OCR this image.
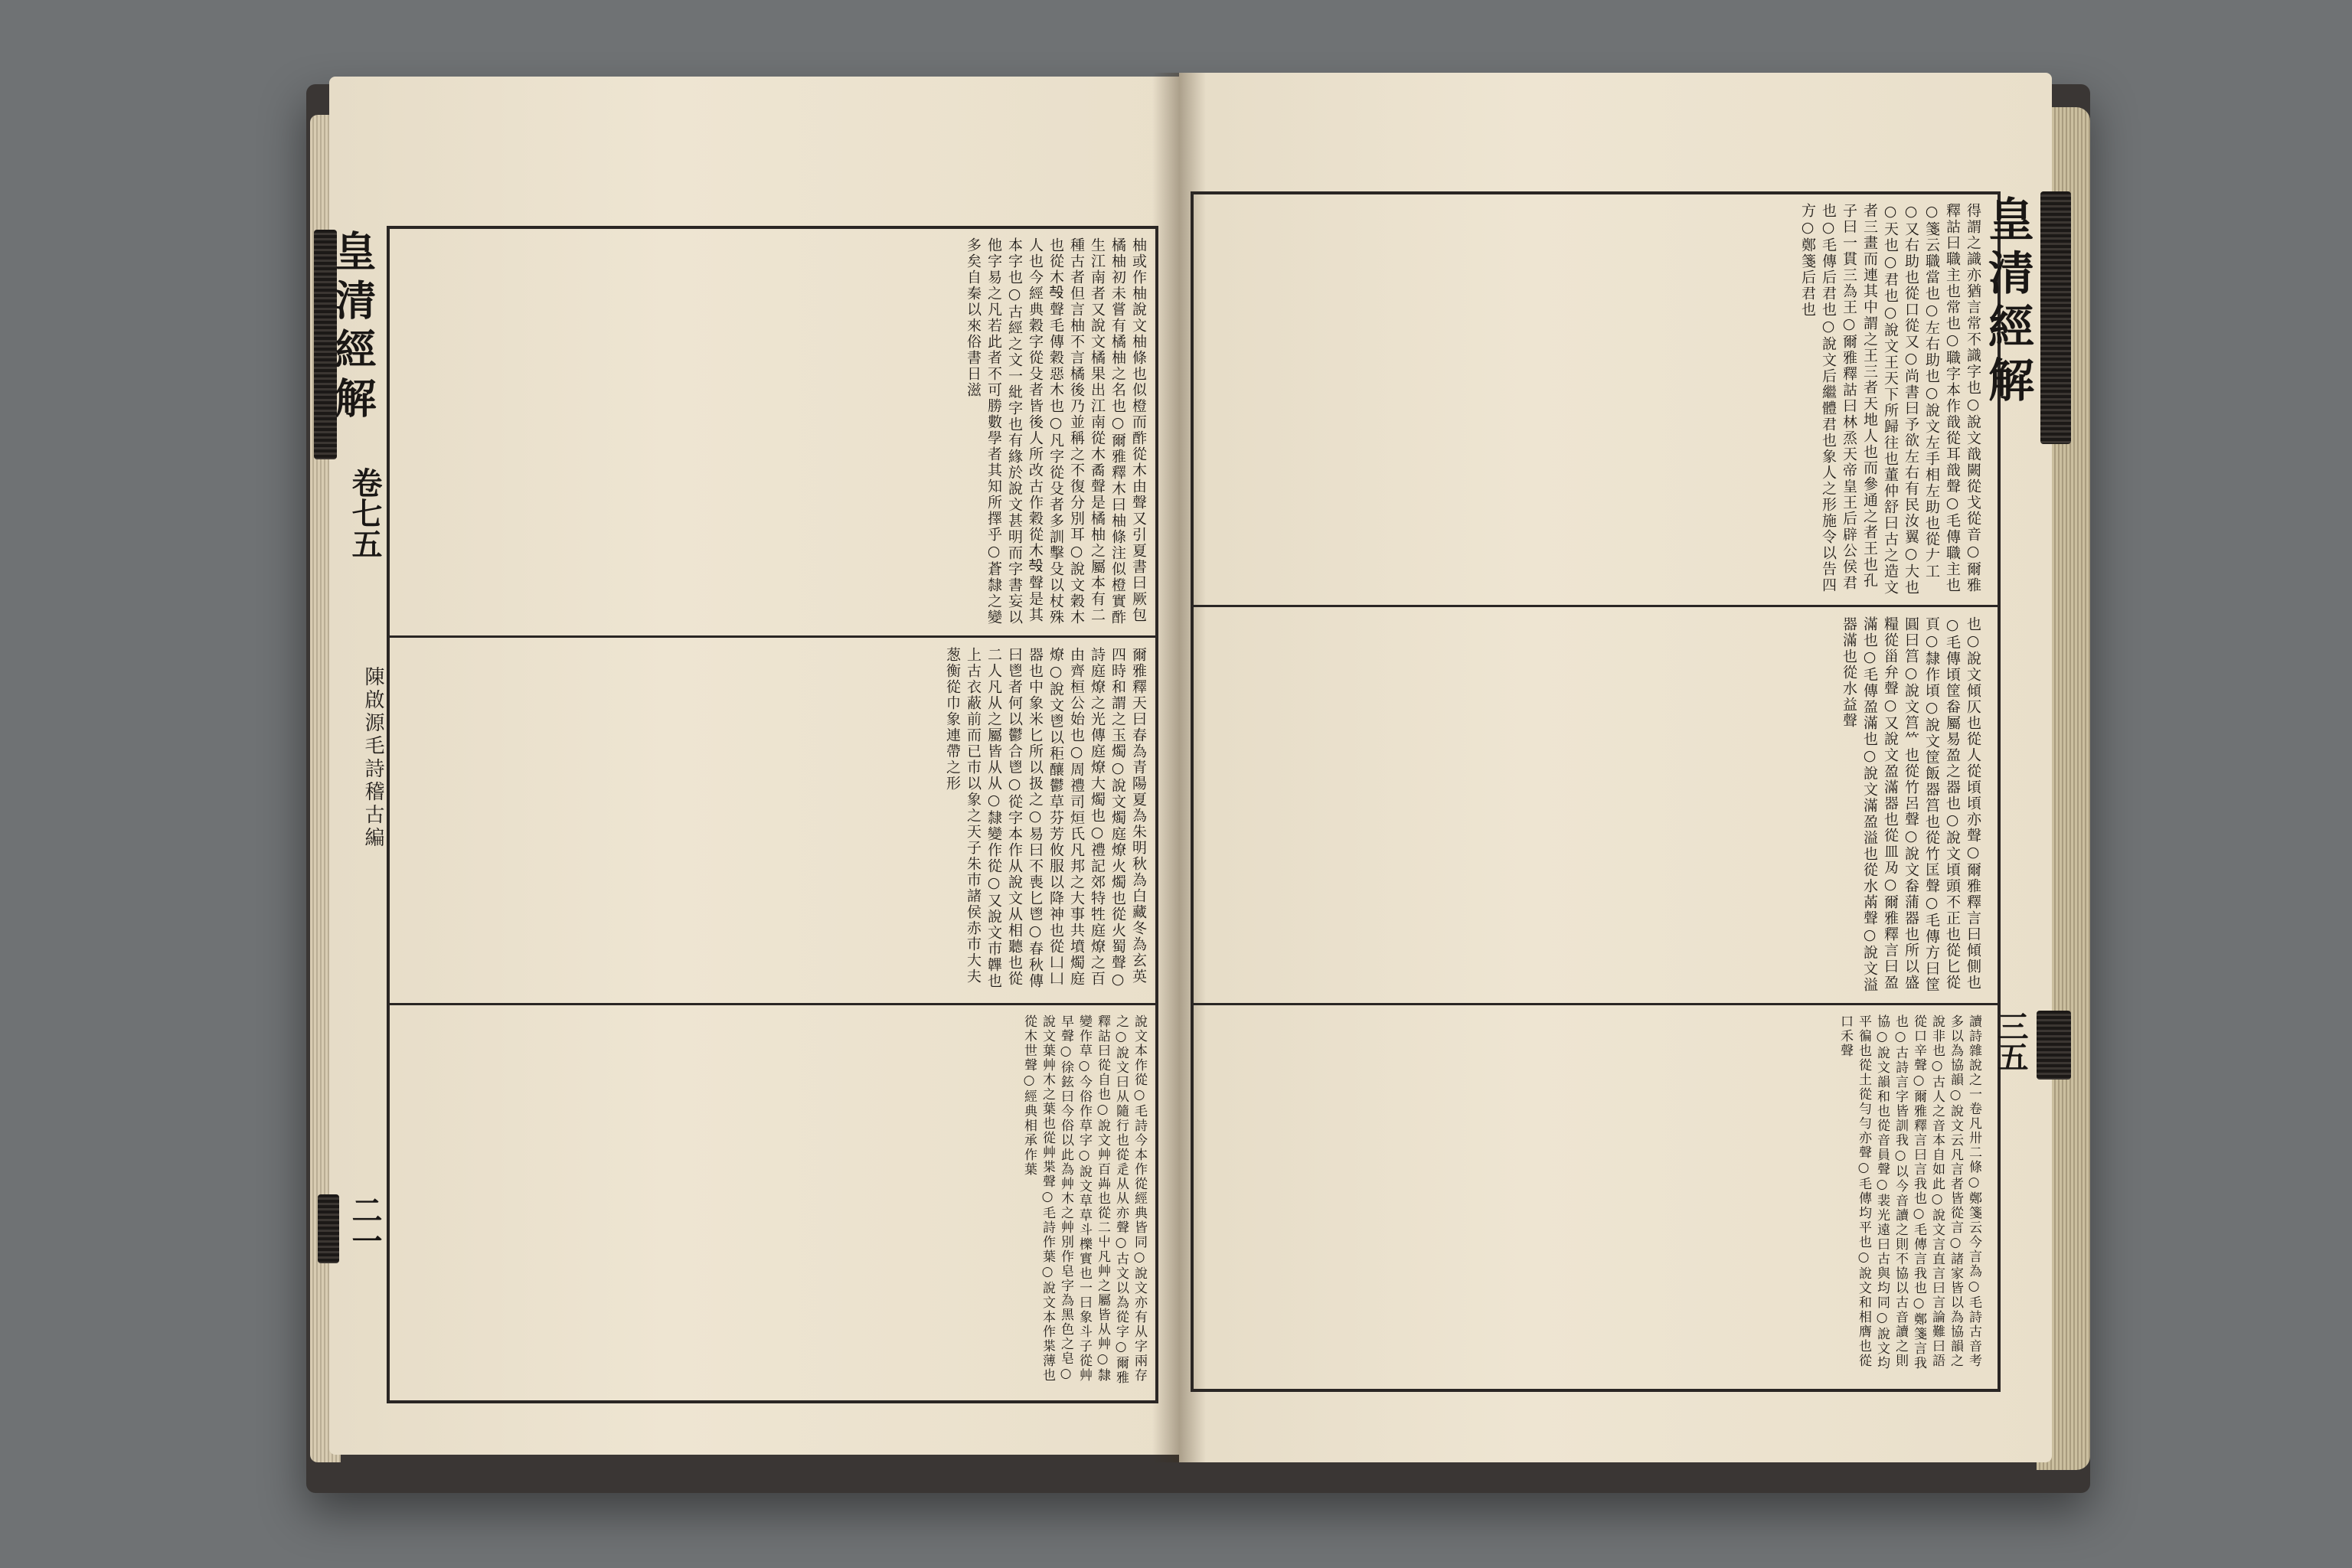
皇清經解
卷七五
陳啟源毛詩稽古編
二一
柚或作柚說文柚條也似橙而酢從木由聲又引夏書曰厥包橘柚初未嘗有橘柚之名也○爾雅釋木曰柚條注似橙實酢生江南者又說文橘果出江南從木矞聲是橘柚之屬本有二種古者但言柚不言橘後乃並稱之不復分別耳○說文穀木也從木𣪊聲毛傳穀惡木也○凡字從殳者多訓擊殳以杖殊人也今經典穀字從殳者皆後人所改古作穀從木𣪊聲是其本字也○古經之文一紕字也有緣於說文甚明而字書妄以他字易之凡若此者不可勝數學者其知所擇乎○蒼隸之變多矣自秦以來俗書日滋
爾雅釋天曰春為青陽夏為朱明秋為白藏冬為玄英四時和謂之玉燭○說文燭庭燎火燭也從火蜀聲○詩庭燎之光傳庭燎大燭也○禮記郊特牲庭燎之百由齊桓公始也○周禮司烜氏凡邦之大事共墳燭庭燎○說文鬯以秬釀鬱草芬芳攸服以降神也從凵凵器也中象米匕所以扱之○易曰不喪匕鬯○春秋傳曰鬯者何以鬱合鬯○從字本作从說文从相聽也從二人凡从之屬皆从从○隸變作從○又說文巿韠也上古衣蔽前而已巿以象之天子朱巿諸侯赤巿大夫葱衡從巾象連帶之形
說文本作從○毛詩今本作從經典皆同○說文亦有从字兩存之○說文曰从隨行也從辵从从亦聲○古文以為從字○爾雅釋詁曰從自也○說文艸百芔也從二屮凡艸之屬皆从艸○隸變作草○今俗作草字○說文草草斗櫟實也一曰象斗子從艸早聲○徐鉉曰今俗以此為艸木之艸別作皂字為黑色之皂○說文葉艸木之葉也從艸枼聲○毛詩作葉○說文本作枼薄也從木世聲○經典相承作葉
皇清經解
三五
得謂之識亦猶言常不識字也○說文戠闕從戈從音○爾雅釋詁曰職主也常也○職字本作戠從耳戠聲○毛傳職主也○箋云職當也○左右助也○說文左手相左助也從𠂇工○又右助也從口從又○尚書曰予欲左右有民汝翼○大也○天也○君也○說文王天下所歸往也董仲舒曰古之造文者三畫而連其中謂之王三者天地人也而參通之者王也孔子曰一貫三為王○爾雅釋詁曰林烝天帝皇王后辟公侯君也○毛傳后君也○說文后繼體君也象人之形施令以告四方○鄭箋后君也
也○說文傾仄也從人從頃頃亦聲○爾雅釋言曰傾側也○毛傳頃筐畚屬易盈之器也○說文頃頭不正也從匕從頁○隸作頃○說文筐飯器筥也從竹匡聲○毛傳方曰筐圓曰筥○說文筥𥫗也從竹呂聲○說文畚蒲器也所以盛糧從甾弁聲○又說文盈滿器也從皿夃○爾雅釋言曰盈滿也○毛傳盈滿也○說文滿盈溢也從水㒼聲○說文溢器滿也從水益聲
讀詩雜說之一卷凡卅二條○鄭箋云今言為○毛詩古音考多以為協韻○說文云凡言者皆從言○諸家皆以為協韻之說非也○古人之音本自如此○說文言直言曰言論難曰語從口辛聲○爾雅釋言曰言我也○毛傳言我也○鄭箋言我也○古詩言字皆訓我○以今音讀之則不協以古音讀之則協○說文韻和也從音員聲○裴光遠曰古與均同○說文均平徧也從土從勻勻亦聲○毛傳均平也○說文和相膺也從口禾聲
